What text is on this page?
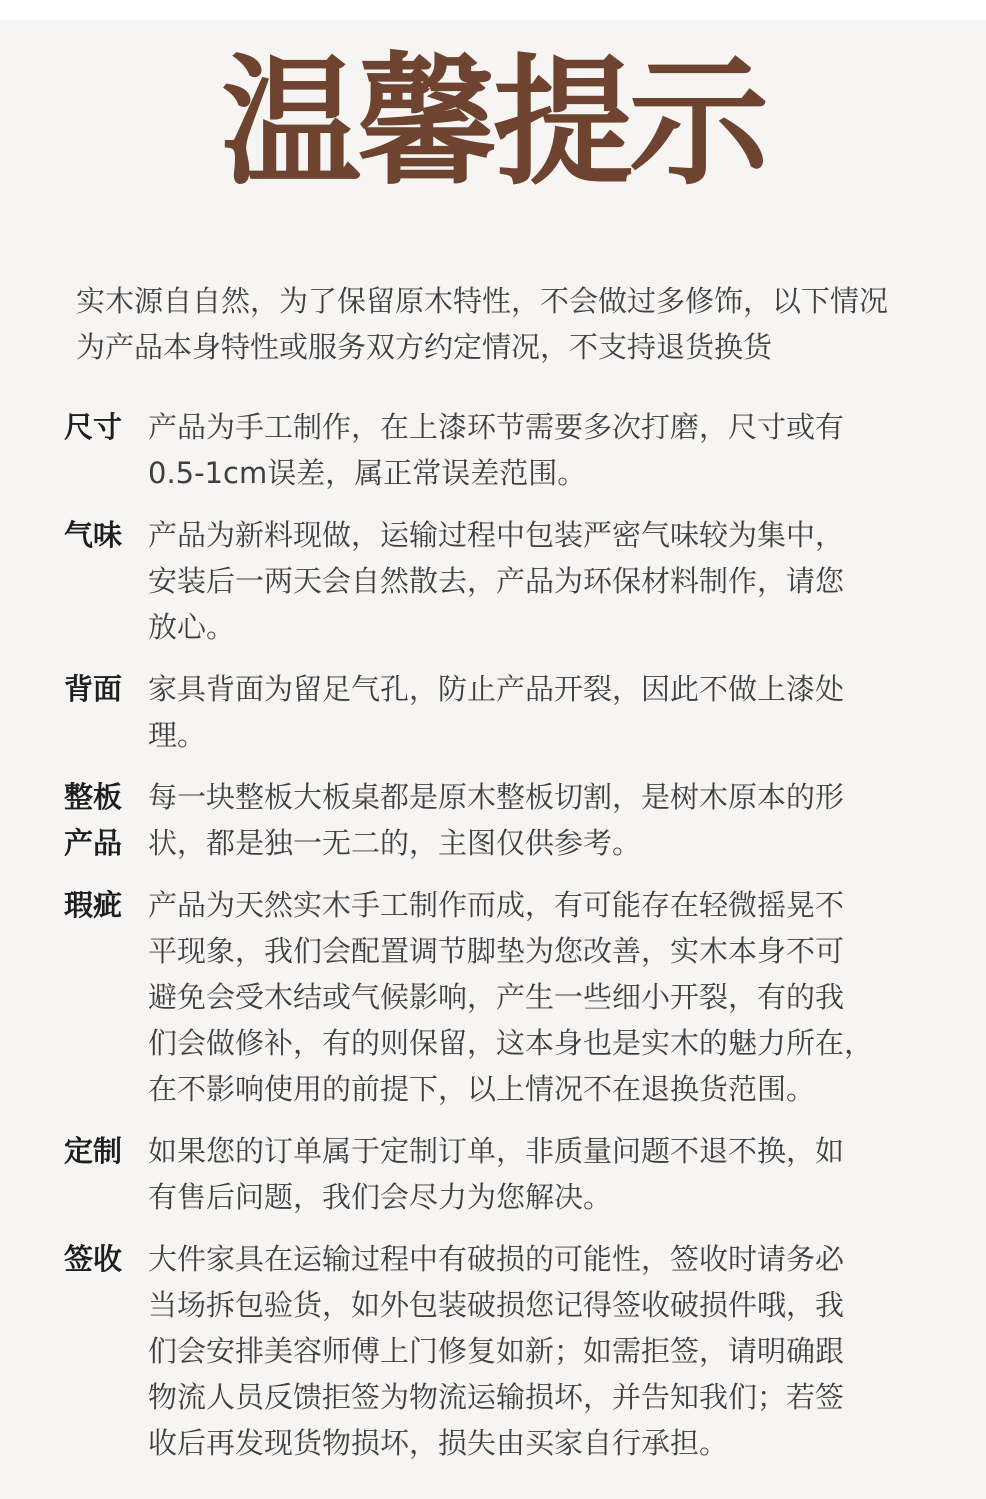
温馨提示

实木源自自然，为了保留原木特性，不会做过多修饰，以下情况为产品本身特性或服务双方约定情况，不支持退货换货

尺寸 产品为手工制作，在上漆环节需要多次打磨，尺寸或有
0.5-1cm误差，属正常误差范围。
气味 产品为新料现做，运输过程中包装严密气味较为集中，
安装后一两天会自然散去，产品为环保材料制作，请您
放心。
背面 家具背面为留足气孔，防止产品开裂，因此不做上漆处
理。
整板
产品
每一块整板大板桌都是原木整板切割，是树木原本的形
状，都是独一无二的，主图仅供参考。
瑕疵 产品为天然实木手工制作而成，有可能存在轻微摇晃不
平现象，我们会配置调节脚垫为您改善，实木本身不可
避免会受木结或气候影响，产生一些细小开裂，有的我
们会做修补，有的则保留，这本身也是实木的魅力所在，
在不影响使用的前提下，以上情况不在退换货范围。
定制 如果您的订单属于定制订单，非质量问题不退不换，如
有售后问题，我们会尽力为您解决。
签收 大件家具在运输过程中有破损的可能性，签收时请务必
当场拆包验货，如外包装破损您记得签收破损件哦，我
们会安排美容师傅上门修复如新；如需拒签，请明确跟
物流人员反馈拒签为物流运输损坏，并告知我们；若签
收后再发现货物损坏，损失由买家自行承担。
